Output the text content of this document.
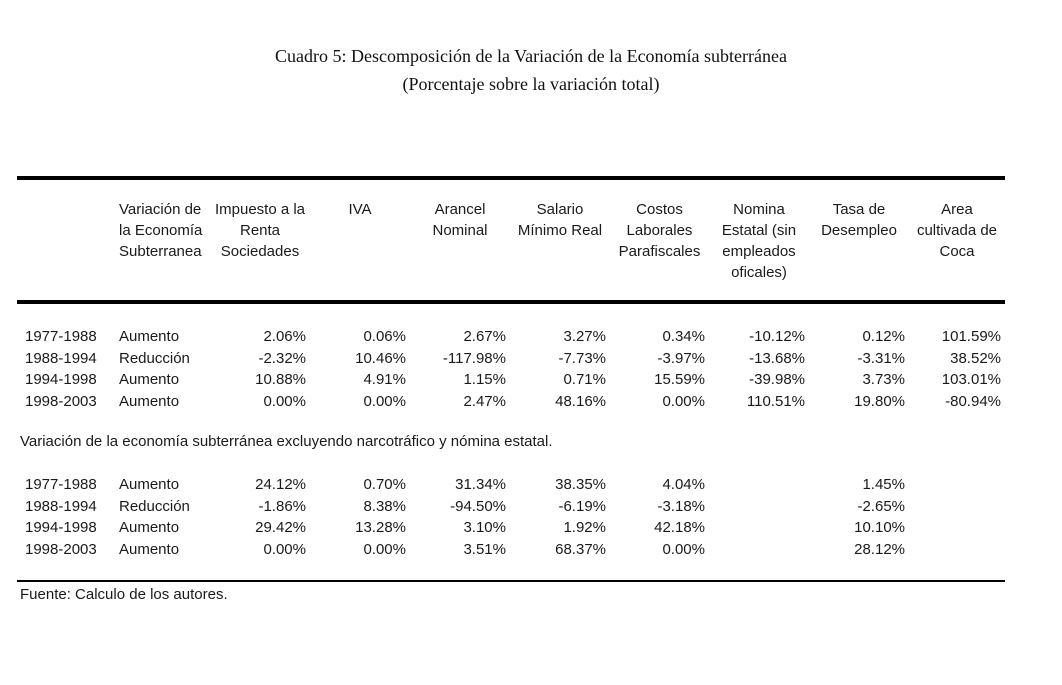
Cuadro 5: Descomposición de la Variación de la Economía subterránea
(Porcentaje sobre la variación total)
	Variación de la Economía Subterranea	Impuesto a la Renta Sociedades	IVA	Arancel Nominal	Salario Mínimo Real	Costos Laborales Parafiscales	Nomina Estatal (sin empleados oficales)	Tasa de Desempleo	Area cultivada de Coca
1977-1988	Aumento	2.06%	0.06%	2.67%	3.27%	0.34%	-10.12%	0.12%	101.59%
1988-1994	Reducción	-2.32%	10.46%	-117.98%	-7.73%	-3.97%	-13.68%	-3.31%	38.52%
1994-1998	Aumento	10.88%	4.91%	1.15%	0.71%	15.59%	-39.98%	3.73%	103.01%
1998-2003	Aumento	0.00%	0.00%	2.47%	48.16%	0.00%	110.51%	19.80%	-80.94%
Variación de la economía subterránea excluyendo narcotráfico y nómina estatal.									
1977-1988	Aumento	24.12%	0.70%	31.34%	38.35%	4.04%		1.45%	
1988-1994	Reducción	-1.86%	8.38%	-94.50%	-6.19%	-3.18%		-2.65%	
1994-1998	Aumento	29.42%	13.28%	3.10%	1.92%	42.18%		10.10%	
1998-2003	Aumento	0.00%	0.00%	3.51%	68.37%	0.00%		28.12%	
Fuente: Calculo de los autores.
